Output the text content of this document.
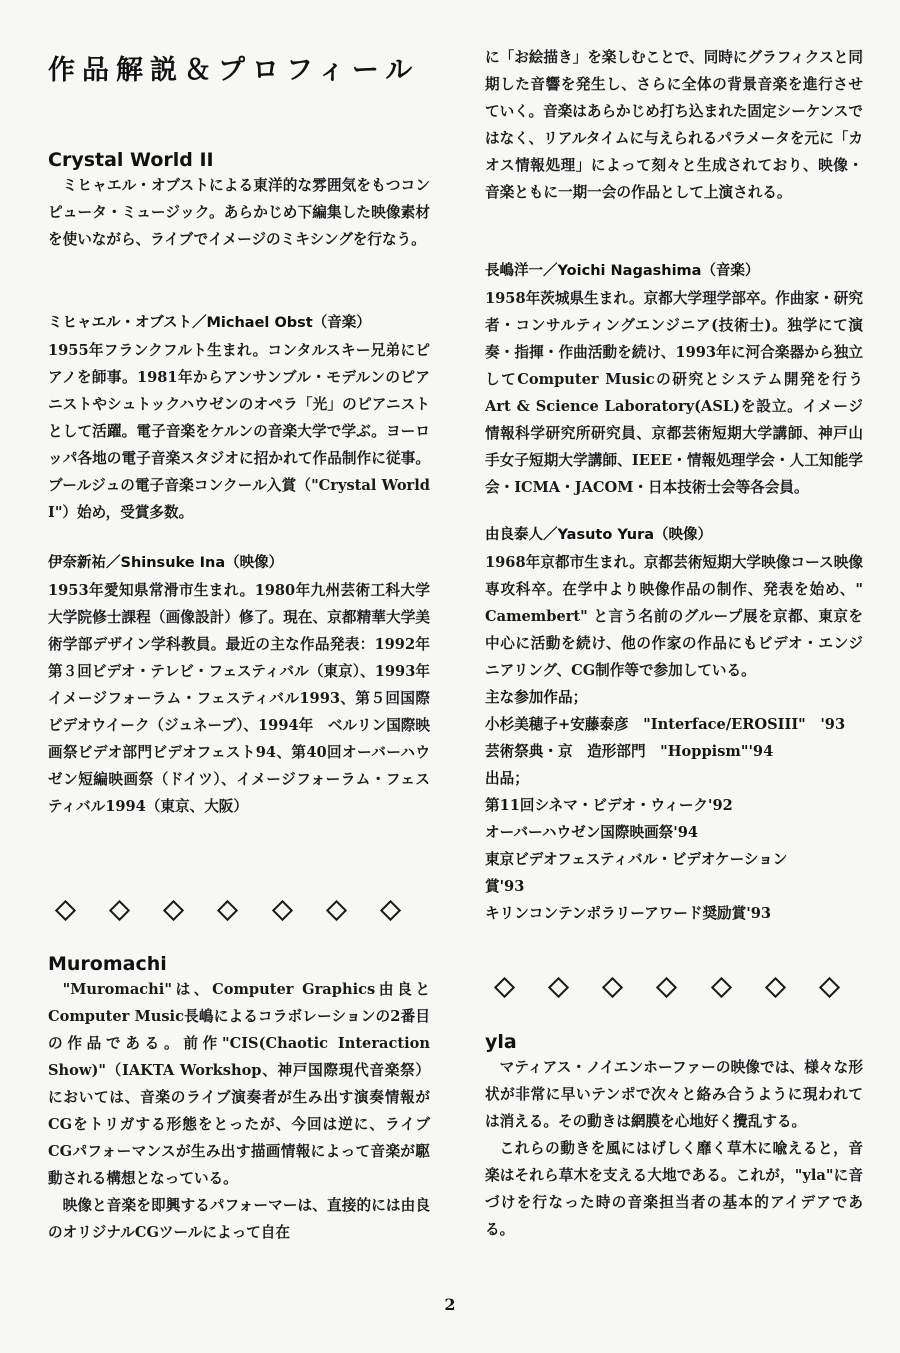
作品解説＆プロフィール
Crystal World II

ミヒャエル・オブストによる東洋的な雰囲気をもつコンピュータ・ミュージック。あらかじめ下編集した映像素材を使いながら、ライブでイメージのミキシングを行なう。

ミヒャエル・オブスト／Michael Obst（音楽）

1955年フランクフルト生まれ。コンタルスキー兄弟にピアノを師事。1981年からアンサンブル・モデルンのピアニストやシュトックハウゼンのオペラ「光」のピアニストとして活躍。電子音楽をケルンの音楽大学で学ぶ。ヨーロッパ各地の電子音楽スタジオに招かれて作品制作に従事。ブールジュの電子音楽コンクール入賞（"Crystal World I"）始め，受賞多数。

伊奈新祐／Shinsuke Ina（映像）

1953年愛知県常滑市生まれ。1980年九州芸術工科大学大学院修士課程（画像設計）修了。現在、京都精華大学美術学部デザイン学科教員。最近の主な作品発表：1992年　第３回ビデオ・テレビ・フェスティバル（東京）、1993年　イメージフォーラム・フェスティバル1993、第５回国際ビデオウイーク（ジュネーブ）、1994年　ベルリン国際映画祭ビデオ部門ビデオフェスト94、第40回オーバーハウゼン短編映画祭（ドイツ）、イメージフォーラム・フェスティバル1994（東京、大阪）

Muromachi

"Muromachi"は、Computer Graphics由良とComputer Music長嶋によるコラボレーションの2番目の作品である。前作"CIS(Chaotic Interaction Show)"（IAKTA Workshop、神戸国際現代音楽祭）においては、音楽のライブ演奏者が生み出す演奏情報がCGをトリガする形態をとったが、今回は逆に、ライブCGパフォーマンスが生み出す描画情報によって音楽が駆動される構想となっている。

映像と音楽を即興するパフォーマーは、直接的には由良のオリジナルCGツールによって自在

に「お絵描き」を楽しむことで、同時にグラフィクスと同期した音響を発生し、さらに全体の背景音楽を進行させていく。音楽はあらかじめ打ち込まれた固定シーケンスではなく、リアルタイムに与えられるパラメータを元に「カオス情報処理」によって刻々と生成されており、映像・音楽ともに一期一会の作品として上演される。

長嶋洋一／Yoichi Nagashima（音楽）

1958年茨城県生まれ。京都大学理学部卒。作曲家・研究者・コンサルティングエンジニア(技術士)。独学にて演奏・指揮・作曲活動を続け、1993年に河合楽器から独立してComputer Musicの研究とシステム開発を行うArt & Science Laboratory(ASL)を設立。イメージ情報科学研究所研究員、京都芸術短期大学講師、神戸山手女子短期大学講師、IEEE・情報処理学会・人工知能学会・ICMA・JACOM・日本技術士会等各会員。

由良泰人／Yasuto Yura（映像）

1968年京都市生まれ。京都芸術短期大学映像コース映像専攻科卒。在学中より映像作品の制作、発表を始め、" Camembert" と言う名前のグループ展を京都、東京を中心に活動を続け、他の作家の作品にもビデオ・エンジニアリング、CG制作等で参加している。

主な参加作品；
小杉美穂子+安藤泰彦　"Interface/EROSIII"　'93
芸術祭典・京　造形部門　"Hoppism"'94
出品；
第11回シネマ・ビデオ・ウィーク'92
オーバーハウゼン国際映画祭'94
東京ビデオフェスティバル・ビデオケーション
賞'93
キリンコンテンポラリーアワード奨励賞'93
yla

マティアス・ノイエンホーファーの映像では、様々な形状が非常に早いテンポで次々と絡み合うように現われては消える。その動きは網膜を心地好く攪乱する。

これらの動きを風にはげしく靡く草木に喩えると，音楽はそれら草木を支える大地である。これが，"yla"に音づけを行なった時の音楽担当者の基本的アイデアである。

2
